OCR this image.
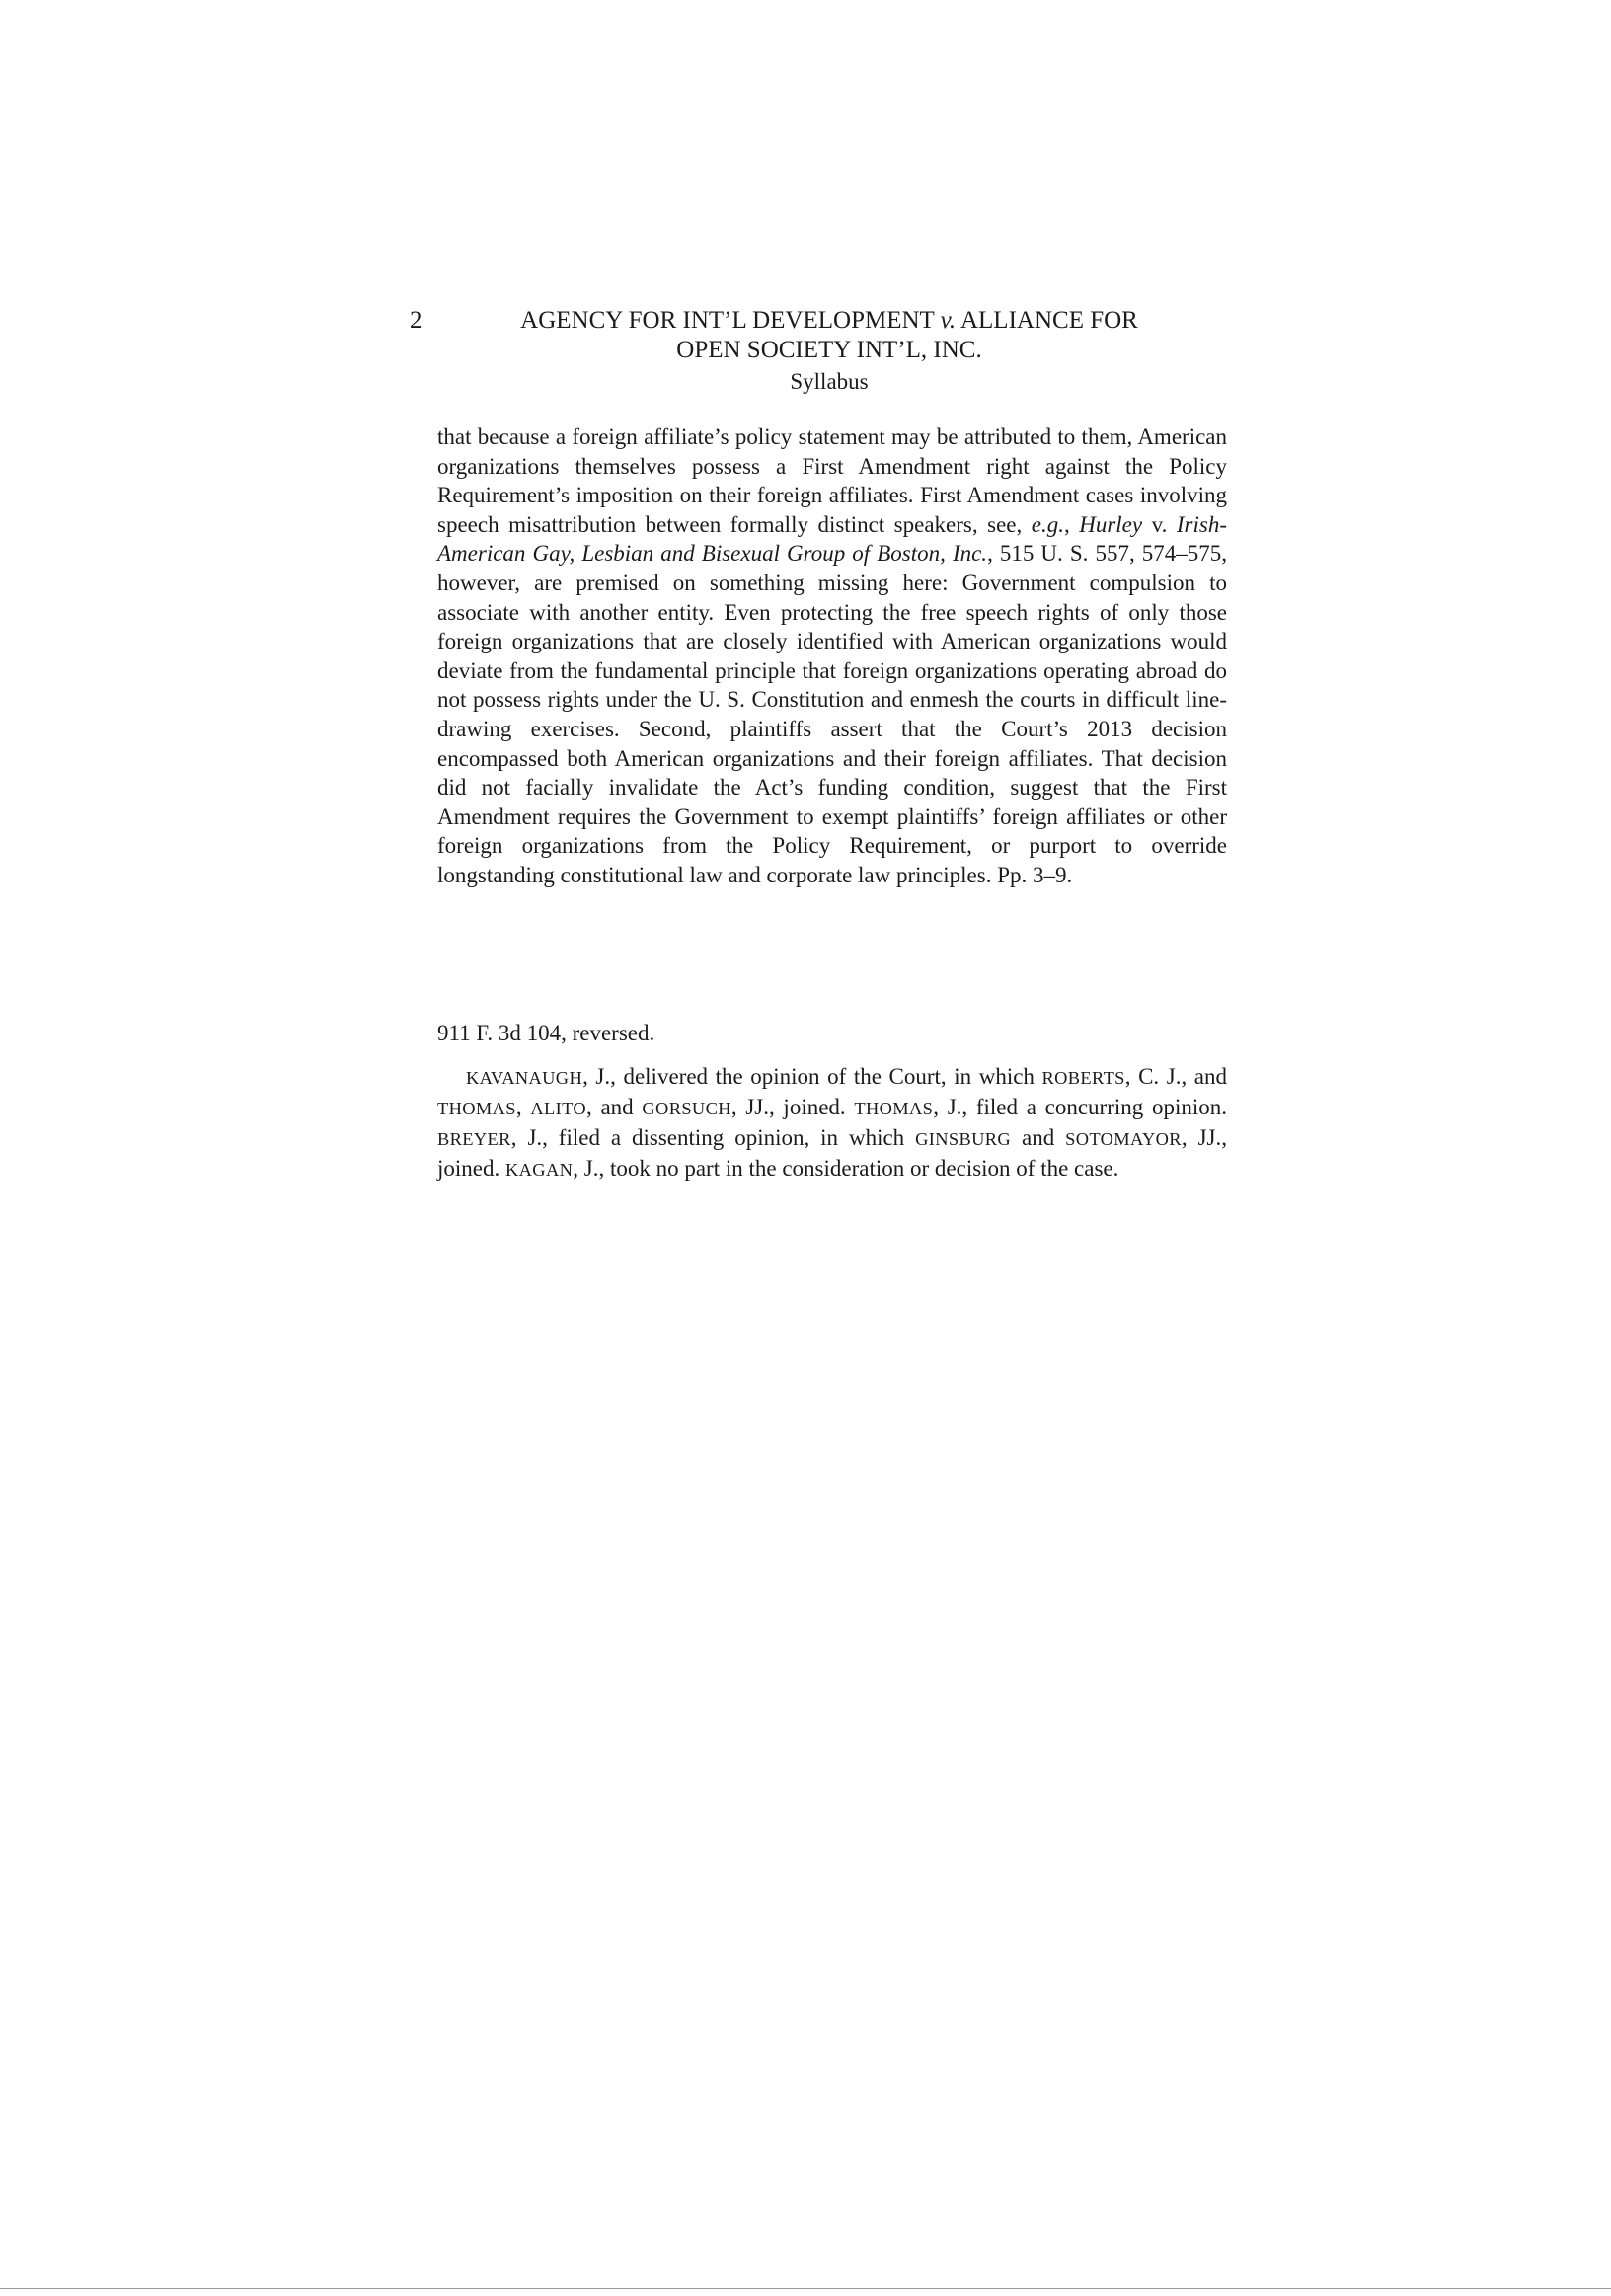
2	AGENCY FOR INT’L DEVELOPMENT v. ALLIANCE FOR
OPEN SOCIETY INT’L, INC.
Syllabus

that because a foreign affiliate’s policy statement may be attributed to them, American organizations themselves possess a First Amendment right against the Policy Requirement’s imposition on their foreign affiliates. First Amendment cases involving speech misattribution between formally distinct speakers, see, e.g., Hurley v. Irish-American Gay, Lesbian and Bisexual Group of Boston, Inc., 515 U. S. 557, 574–575, however, are premised on something missing here: Government compulsion to associate with another entity. Even protecting the free speech rights of only those foreign organizations that are closely identified with American organizations would deviate from the fundamental principle that foreign organizations operating abroad do not possess rights under the U. S. Constitution and enmesh the courts in difficult line-drawing exercises. Second, plaintiffs assert that the Court’s 2013 decision encompassed both American organizations and their foreign affiliates. That decision did not facially invalidate the Act’s funding condition, suggest that the First Amendment requires the Government to exempt plaintiffs’ foreign affiliates or other foreign organizations from the Policy Requirement, or purport to override longstanding constitutional law and corporate law principles. Pp. 3–9.

911 F. 3d 104, reversed.

KAVANAUGH, J., delivered the opinion of the Court, in which ROBERTS, C. J., and THOMAS, ALITO, and GORSUCH, JJ., joined. THOMAS, J., filed a concurring opinion. BREYER, J., filed a dissenting opinion, in which GINSBURG and SOTOMAYOR, JJ., joined. KAGAN, J., took no part in the consideration or decision of the case.
